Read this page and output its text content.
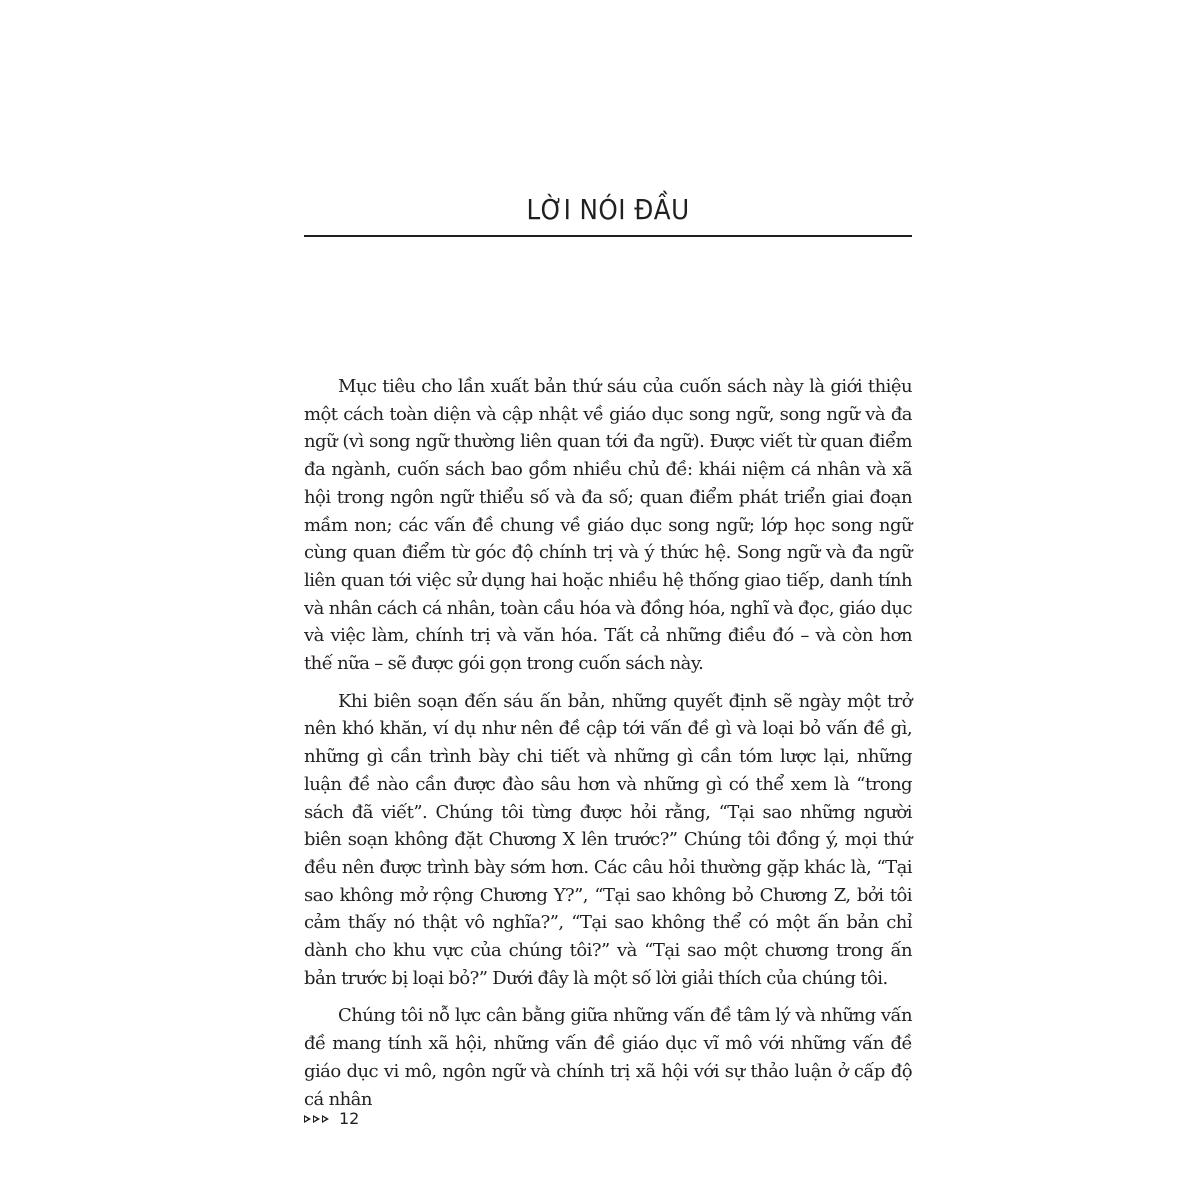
LỜI NÓI ĐẦU

Mục tiêu cho lần xuất bản thứ sáu của cuốn sách này là giới thiệu một cách toàn diện và cập nhật về giáo dục song ngữ, song ngữ và đa ngữ (vì song ngữ thường liên quan tới đa ngữ). Được viết từ quan điểm đa ngành, cuốn sách bao gồm nhiều chủ đề: khái niệm cá nhân và xã hội trong ngôn ngữ thiểu số và đa số; quan điểm phát triển giai đoạn mầm non; các vấn đề chung về giáo dục song ngữ; lớp học song ngữ cùng quan điểm từ góc độ chính trị và ý thức hệ. Song ngữ và đa ngữ liên quan tới việc sử dụng hai hoặc nhiều hệ thống giao tiếp, danh tính và nhân cách cá nhân, toàn cầu hóa và đồng hóa, nghĩ và đọc, giáo dục và việc làm, chính trị và văn hóa. Tất cả những điều đó – và còn hơn thế nữa – sẽ được gói gọn trong cuốn sách này.

Khi biên soạn đến sáu ấn bản, những quyết định sẽ ngày một trở nên khó khăn, ví dụ như nên đề cập tới vấn đề gì và loại bỏ vấn đề gì, những gì cần trình bày chi tiết và những gì cần tóm lược lại, những luận đề nào cần được đào sâu hơn và những gì có thể xem là “trong sách đã viết”. Chúng tôi từng được hỏi rằng, “Tại sao những người biên soạn không đặt Chương X lên trước?” Chúng tôi đồng ý, mọi thứ đều nên được trình bày sớm hơn. Các câu hỏi thường gặp khác là, “Tại sao không mở rộng Chương Y?”, “Tại sao không bỏ Chương Z, bởi tôi cảm thấy nó thật vô nghĩa?”, “Tại sao không thể có một ấn bản chỉ dành cho khu vực của chúng tôi?” và “Tại sao một chương trong ấn bản trước bị loại bỏ?” Dưới đây là một số lời giải thích của chúng tôi.

Chúng tôi nỗ lực cân bằng giữa những vấn đề tâm lý và những vấn đề mang tính xã hội, những vấn đề giáo dục vĩ mô với những vấn đề giáo dục vi mô, ngôn ngữ và chính trị xã hội với sự thảo luận ở cấp độ cá nhân

12
